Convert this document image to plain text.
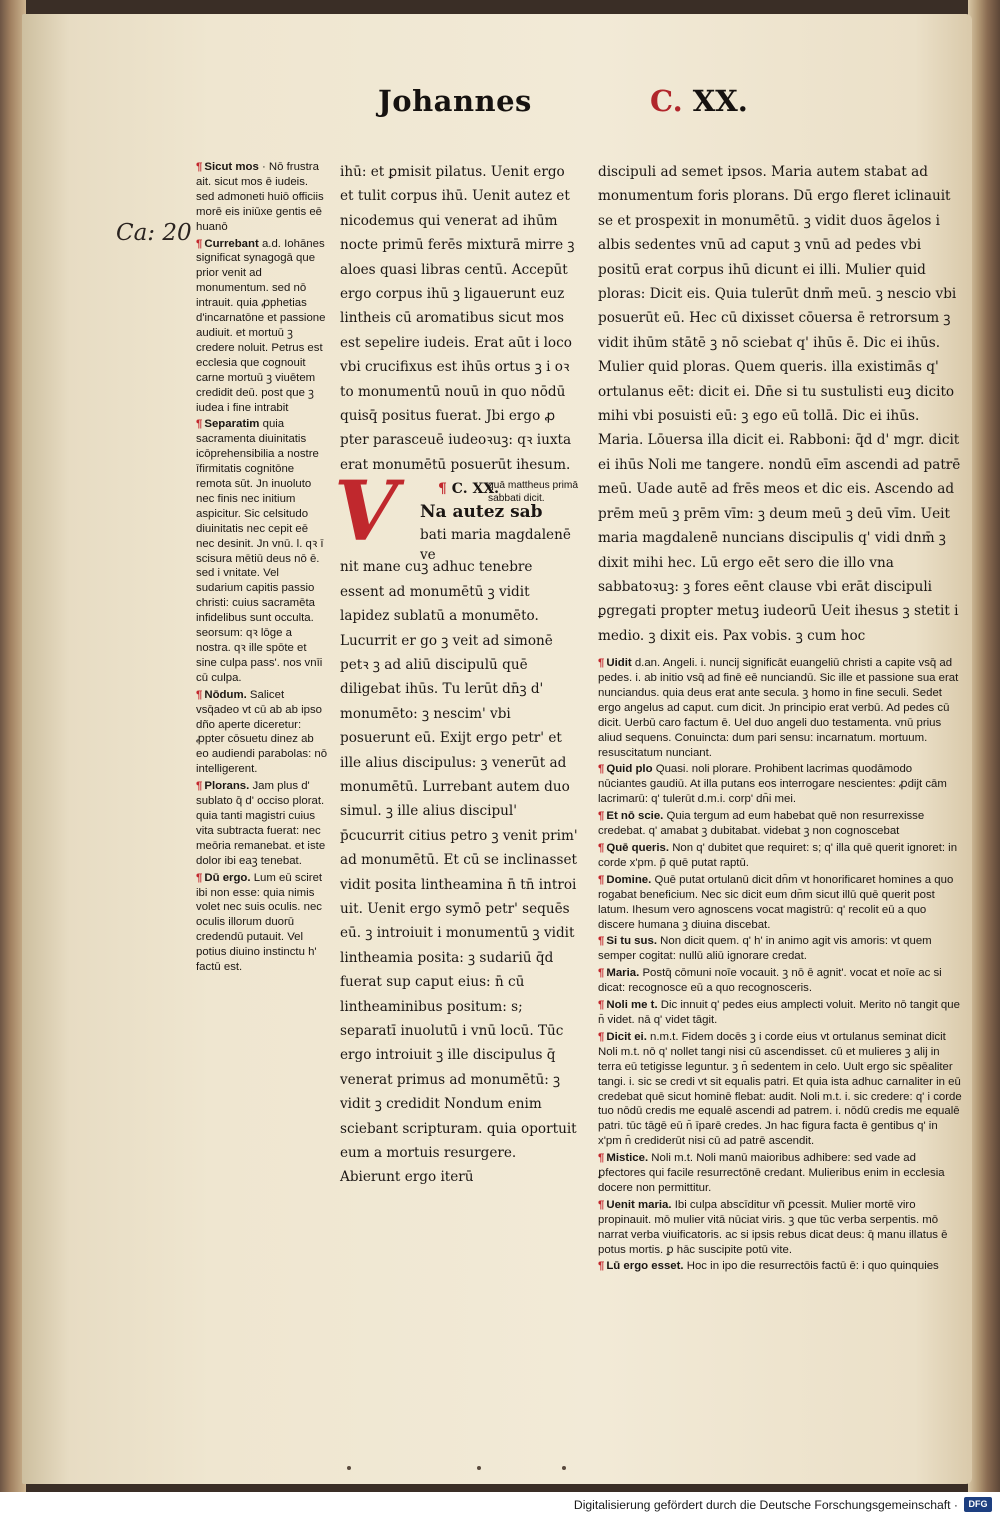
Johannes	C. XX.
Ca: 20
¶ Sicut mos · Nō frustra ait. sicut mos ē iudeis. sed admoneti huiō officiis morē eis iniūxe gentis eē huanō
¶ Currebant a.d. Iohānes significat synagogā que prior venit ad monumentum. sed nō intrauit. quia ꝓphetias d'incarnatōne et passione audiuit. et mortuū ꝫ credere noluit. Petrus est ecclesia que cognouit carne mortuū ꝫ viuētem credidit deū. post que ꝫ iudea i fine intrabit
¶ Separatim quia sacramenta diuinitatis icōprehensibilia a nostre īfirmitatis cognitōne remota sūt. Jn inuoluto nec finis nec initium aspicitur. Sic celsitudo diuinitatis nec cepit eē nec desinit. Jn vnū. l. qꝛ ī scisura mētiū deus nō ē. sed i vnitate. Vel sudarium capitis passio christi: cuius sacramēta infidelibus sunt occulta. seorsum: qꝛ lōge a nostra. qꝛ ille spōte et sine culpa pass'. nos vnīi cū culpa.
¶ Nōdum. Salicet vsq̄adeo vt cū ab ab ipso dño aperte diceretur: ꝓpter cōsuetu dinez ab eo audiendi parabolas: nō intelligerent.
¶ Plorans. Jam plus d' sublato q̄ d' occiso plorat. quia tanti magistri cuius vita subtracta fuerat: nec meōria remanebat. et iste dolor ibi eaꝫ tenebat.
¶ Dū ergo. Lum eū sciret ibi non esse: quia nimis volet nec suis oculis. nec oculis illorum duorū credendū putauit. Vel potius diuino instinctu h' factū est.
ihū: et ꝑmisit pilatus. Uenit ergo
et tulit corpus ihū. Uenit autez et
nicodemus qui venerat ad ihūm
nocte primū ferēs mixturā mirre ꝫ
aloes quasi libras centū. Accepūt
ergo corpus ihū ꝫ ligauerunt euz
lintheis cū aromatibus sicut mos
est sepelire iudeis. Erat aūt i loco
vbi crucifixus est ihūs ortus ꝫ i oꝛ
to monumentū nouū in quo nōdū
quisq̄ positus fuerat. Jbi ergo ꝓ
pter parasceuē iudeoꝛuꝫ: qꝛ iuxta
erat monumētū posuerūt ihesum.
V	¶ C. XX.
quā mattheus primā sabbati dicit.
Na autez sab
bati maria magdalenē ve
nit mane cuꝫ adhuc tenebre essent ad monumētū ꝫ vidit lapidez sublatū a monumēto. Lucurrit er go ꝫ veit ad simonē petꝛ ꝫ ad aliū discipulū quē diligebat ihūs. Tu lerūt dn̄ꝫ d' monumēto: ꝫ nescim' vbi posuerunt eū. Exijt ergo petr' et ille alius discipulus: ꝫ venerūt ad monumētū. Lurrebant autem duo simul. ꝫ ille alius discipul' p̄cucurrit citius petro ꝫ venit prim' ad monumētū. Et cū se inclinasset vidit posita lintheamina n̄ tn̄ introi uit. Uenit ergo symō petr' sequēs eū. ꝫ introiuit i monumentū ꝫ vidit lintheamia posita: ꝫ sudariū q̄d fuerat sup caput eius: n̄ cū lintheaminibus positum: s; separatī inuolutū i vnū locū. Tūc ergo introiuit ꝫ ille discipulus q̄ venerat primus ad monumētū: ꝫ vidit ꝫ credidit Nondum enim sciebant scripturam. quia oportuit eum a mortuis resurgere. Abierunt ergo iterū
discipuli ad semet ipsos. Maria autem stabat ad monumentum foris plorans. Dū ergo fleret iclinauit se et prospexit in monumētū. ꝫ vidit duos āgelos i albis sedentes vnū ad caput ꝫ vnū ad pedes vbi positū erat corpus ihū dicunt ei illi. Mulier quid ploras: Dicit eis. Quia tulerūt dnm̄ meū. ꝫ nescio vbi posuerūt eū. Hec cū dixisset cōuersa ē retrorsum ꝫ vidit ihūm stātē ꝫ nō sciebat q' ihūs ē. Dic ei ihūs. Mulier quid ploras. Quem queris. illa existimās q' ortulanus eēt: dicit ei. Dn̄e si tu sustulisti euꝫ dicito mihi vbi posuisti eū: ꝫ ego eū tollā. Dic ei ihūs. Maria. Lōuersa illa dicit ei. Rabboni: q̄d d' mgr. dicit ei ihūs Noli me tangere. nondū eīm ascendi ad patrē meū. Uade autē ad frēs meos et dic eis. Ascendo ad prēm meū ꝫ prēm vīm: ꝫ deum meū ꝫ deū vīm. Ueit maria magdalenē nuncians discipulis q' vidi dnm̄ ꝫ dixit mihi hec. Lū ergo eēt sero die illo vna sabbatoꝛuꝫ: ꝫ fores eēnt clause vbi erāt discipuli ꝑgregati propter metuꝫ iudeorū Ueit ihesus ꝫ stetit i medio. ꝫ dixit eis. Pax vobis. ꝫ cum hoc
¶ Uidit d.an. Angeli. i. nuncij significāt euangeliū christi a capite vsq̄ ad pedes. i. ab initio vsq̄ ad finē eē nunciandū. Sic ille et passione sua erat nunciandus. quia deus erat ante secula. ꝫ homo in fine seculi. Sedet ergo angelus ad caput. cum dicit. Jn principio erat verbū. Ad pedes cū dicit. Uerbū caro factum ē. Uel duo angeli duo testamenta. vnū prius aliud sequens. Conuincta: dum pari sensu: incarnatum. mortuum. resuscitatum nunciant.
¶ Quid plo Quasi. noli plorare. Prohibent lacrimas quodāmodo nūciantes gaudiū. At illa putans eos interrogare nescientes: ꝓdijt cām lacrimarū: q' tulerūt d.m.i. corp' dn̄i mei.
¶ Et nō scie. Quia tergum ad eum habebat quē non resurrexisse credebat. q' amabat ꝫ dubitabat. videbat ꝫ non cognoscebat
¶ Quē queris. Non q' dubitet que requiret: s; q' illa quē querit ignoret: in corde x'pm. p̄ quē putat raptū.
¶ Domine. Quē putat ortulanū dicit dn̄m vt honorificaret homines a quo rogabat beneficium. Nec sic dicit eum dn̄m sicut illū quē querit post latum. Ihesum vero agnoscens vocat magistrū: q' recolit eū a quo discere humana ꝫ diuina discebat.
¶ Si tu sus. Non dicit quem. q' h' in animo agit vis amoris: vt quem semper cogitat: nullū aliū ignorare credat.
¶ Maria. Postq̄ cōmuni noīe vocauit. ꝫ nō ē agnit'. vocat et noīe ac si dicat: recognosce eū a quo recognosceris.
¶ Noli me t. Dic innuit q' pedes eius amplecti voluit. Merito nō tangit que n̄ videt. nā q' videt tāgit.
¶ Dicit ei. n.m.t. Fidem docēs ꝫ i corde eius vt ortulanus seminat dicit Noli m.t. nō q' nollet tangi nisi cū ascendisset. cū et mulieres ꝫ alij in terra eū tetigisse leguntur. ꝫ n̄ sedentem in celo. Uult ergo sic spēaliter tangi. i. sic se credi vt sit equalis patri. Et quia ista adhuc carnaliter in eū credebat quē sicut hominē flebat: audit. Noli m.t. i. sic credere: q' i corde tuo nōdū credis me equalē ascendi ad patrem. i. nōdū credis me equalē patri. tūc tāgē eū n̄ īparē credes. Jn hac figura facta ē gentibus q' in x'pm n̄ crediderūt nisi cū ad patrē ascendit.
¶ Mistice. Noli m.t. Noli manū maioribus adhibere: sed vade ad ꝑfectores qui facile resurrectōnē credant. Mulieribus enim in ecclesia docere non permittitur.
¶ Uenit maria. Ibi culpa abscīditur vñ ꝑcessit. Mulier mortē viro propinauit. mō mulier vitā nūciat viris. ꝫ que tūc verba serpentis. mō narrat verba viuificatoris. ac si ipsis rebus dicat deus: q̄ manu illatus ē potus mortis. ꝑ hāc suscipite potū vite.
¶ Lū ergo esset. Hoc in ipo die resurrectōis factū ē: i quo quinquies
Digitalisierung gefördert durch die Deutsche Forschungsgemeinschaft ·	DFG
